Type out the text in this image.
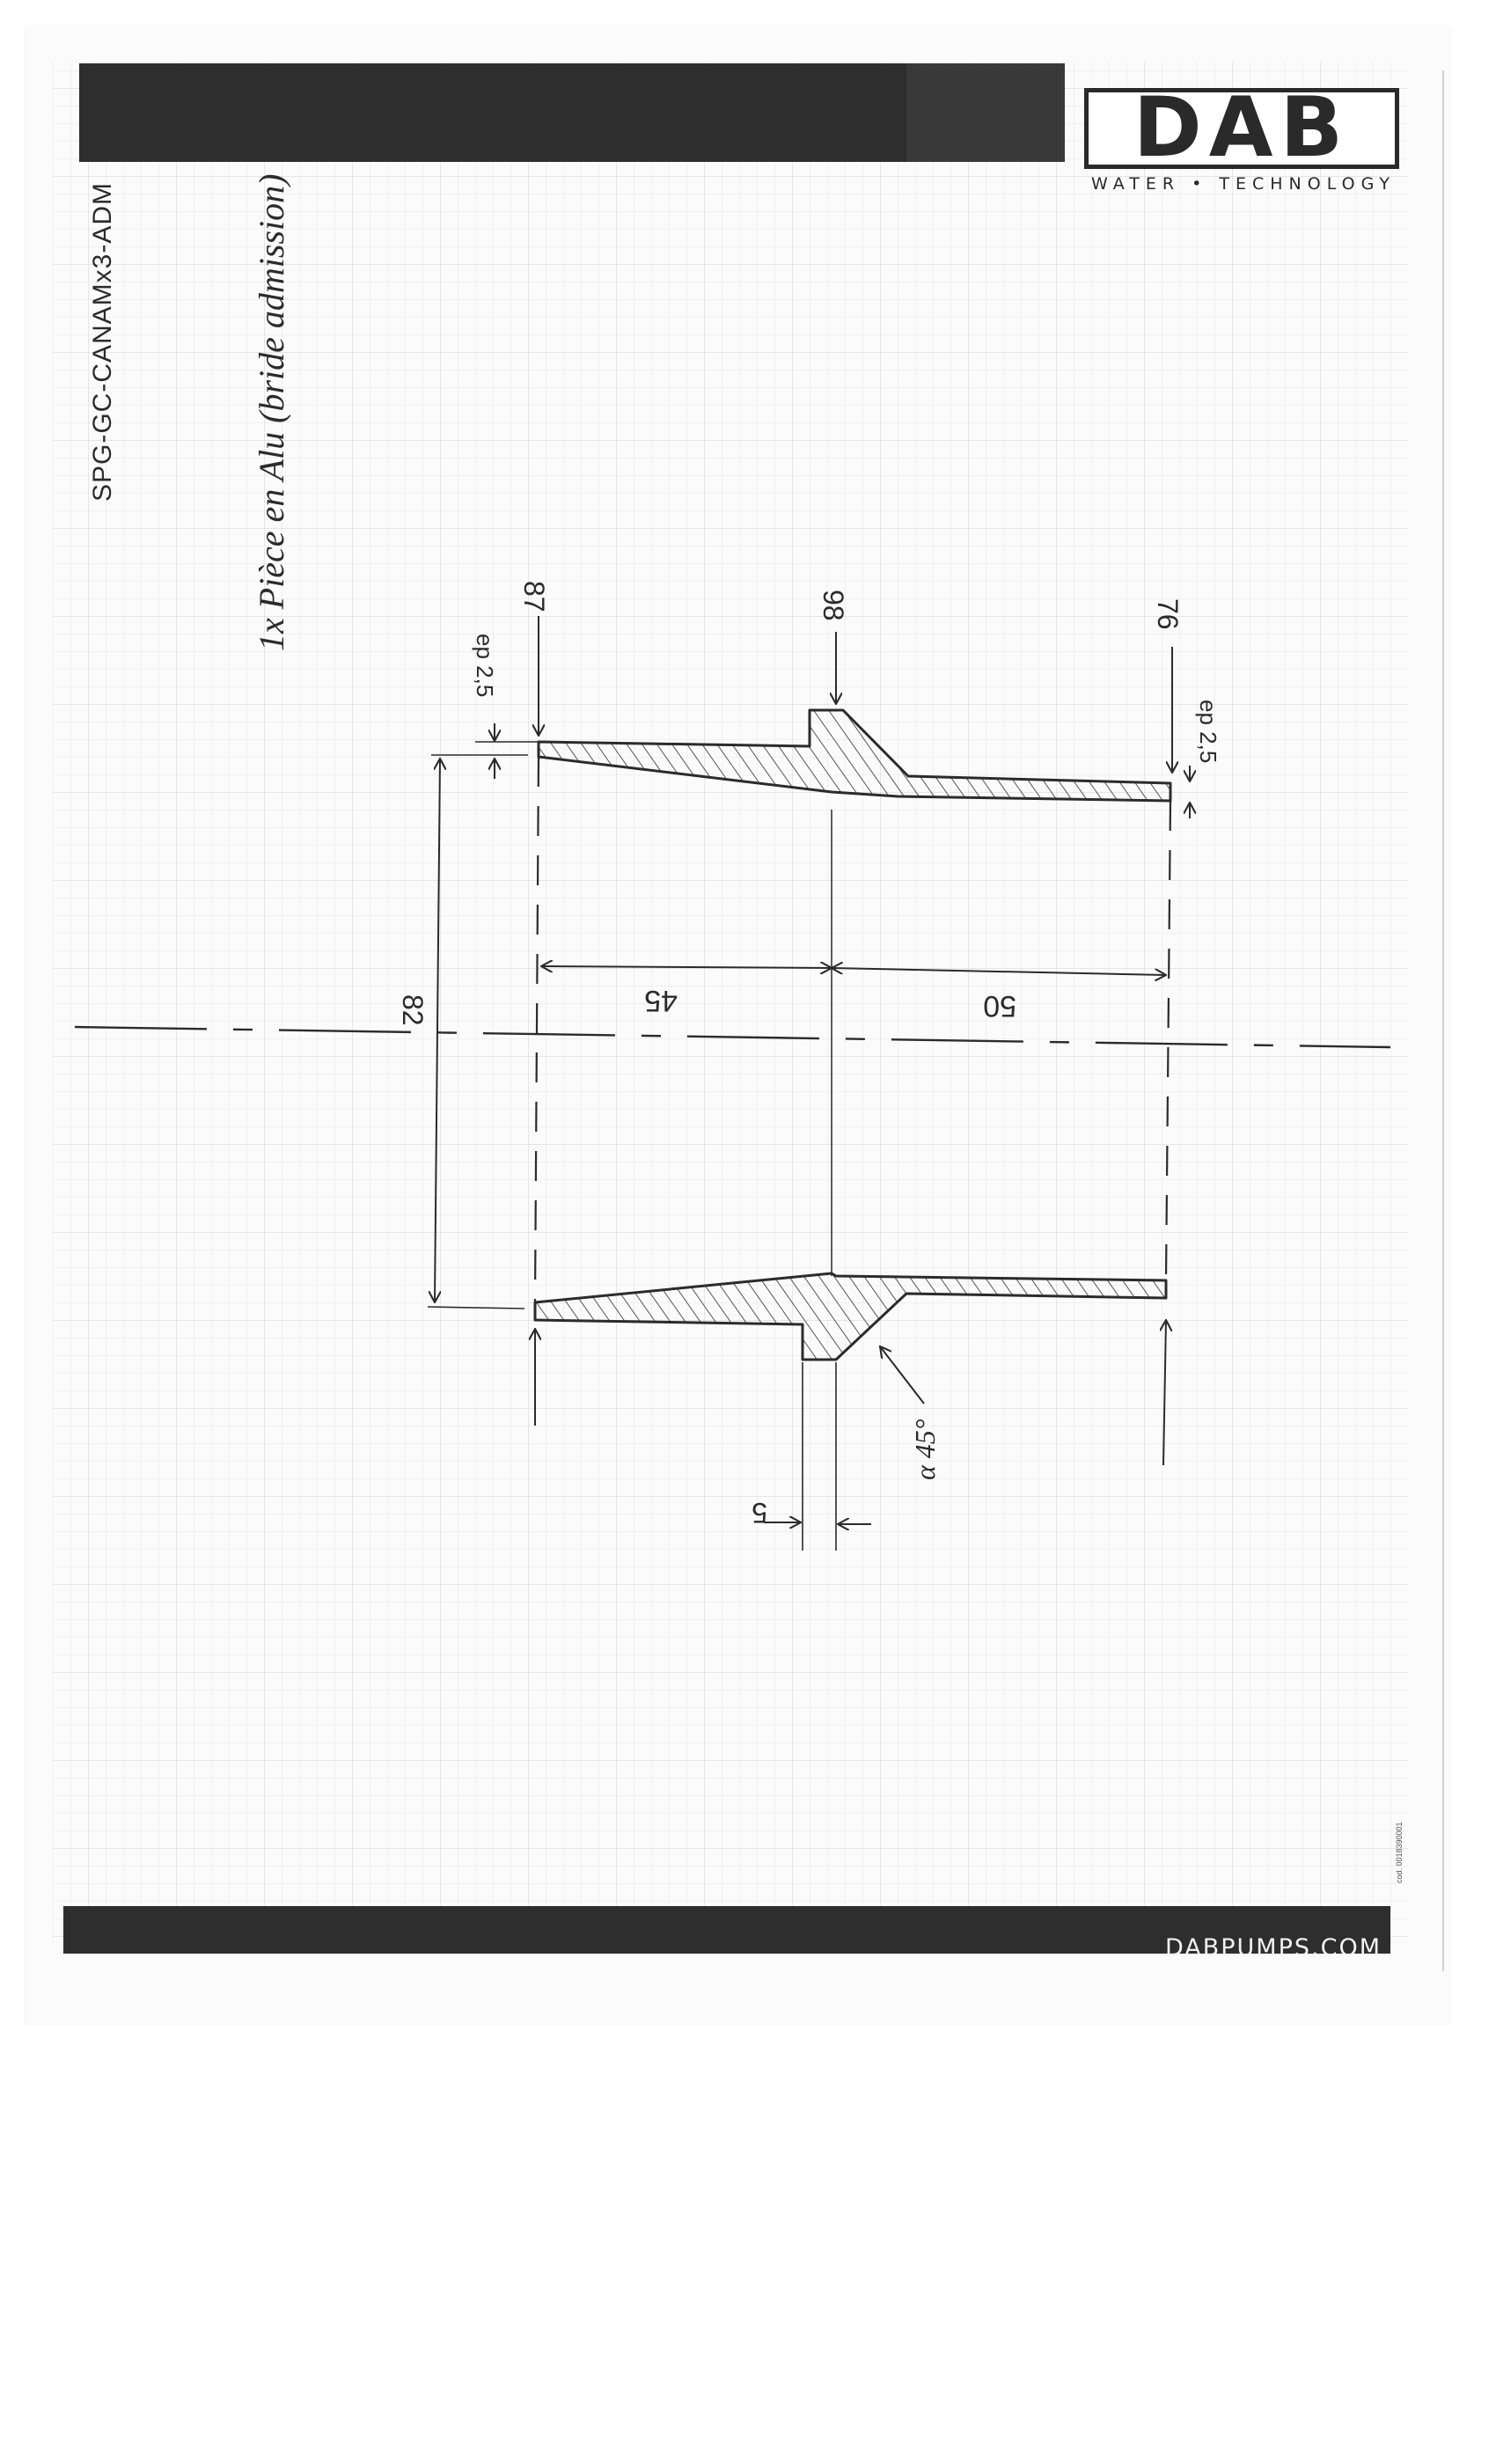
SPG-GC-CANAMx3-ADM	1x Pièce en Alu (bride admission)
45	50
82
87	98	76
ep 2,5
ep 2,5
5
α 45°
DAB
WATER • TECHNOLOGY
DABPUMPS.COM
cod. 0018390001
